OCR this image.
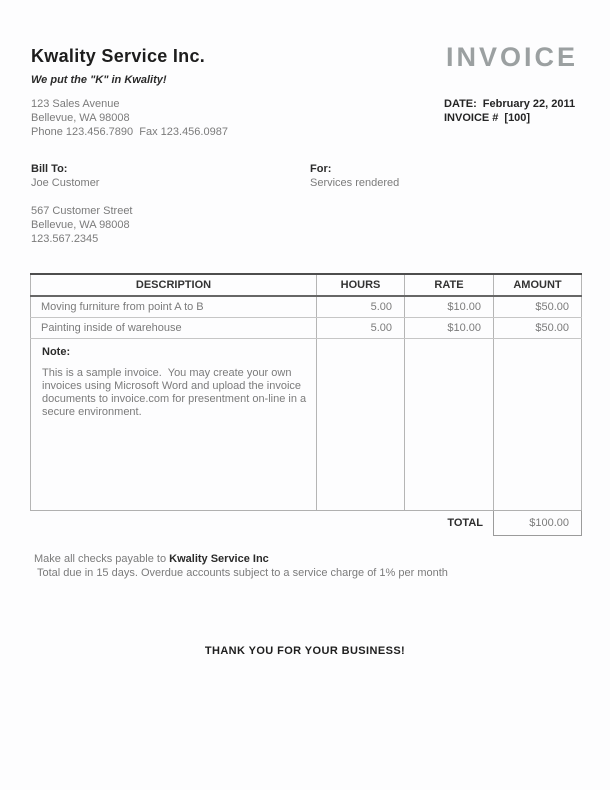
Kwality Service Inc.
We put the "K" in Kwality!
123 Sales Avenue
Bellevue, WA 98008
Phone 123.456.7890  Fax 123.456.0987
INVOICE
DATE: February 22, 2011
INVOICE # [100]
Bill To:
Joe Customer
567 Customer Street
Bellevue, WA 98008
123.567.2345
For:
Services rendered
DESCRIPTION	HOURS	RATE	AMOUNT
Moving furniture from point A to B	5.00	$10.00	$50.00
Painting inside of warehouse	5.00	$10.00	$50.00

Note:
This is a sample invoice.  You may create your own
invoices using Microsoft Word and upload the invoice
documents to invoice.com for presentment on-line in a
secure environment.			

TOTAL			$100.00
Make all checks payable to Kwality Service Inc
Total due in 15 days. Overdue accounts subject to a service charge of 1% per month
THANK YOU FOR YOUR BUSINESS!
